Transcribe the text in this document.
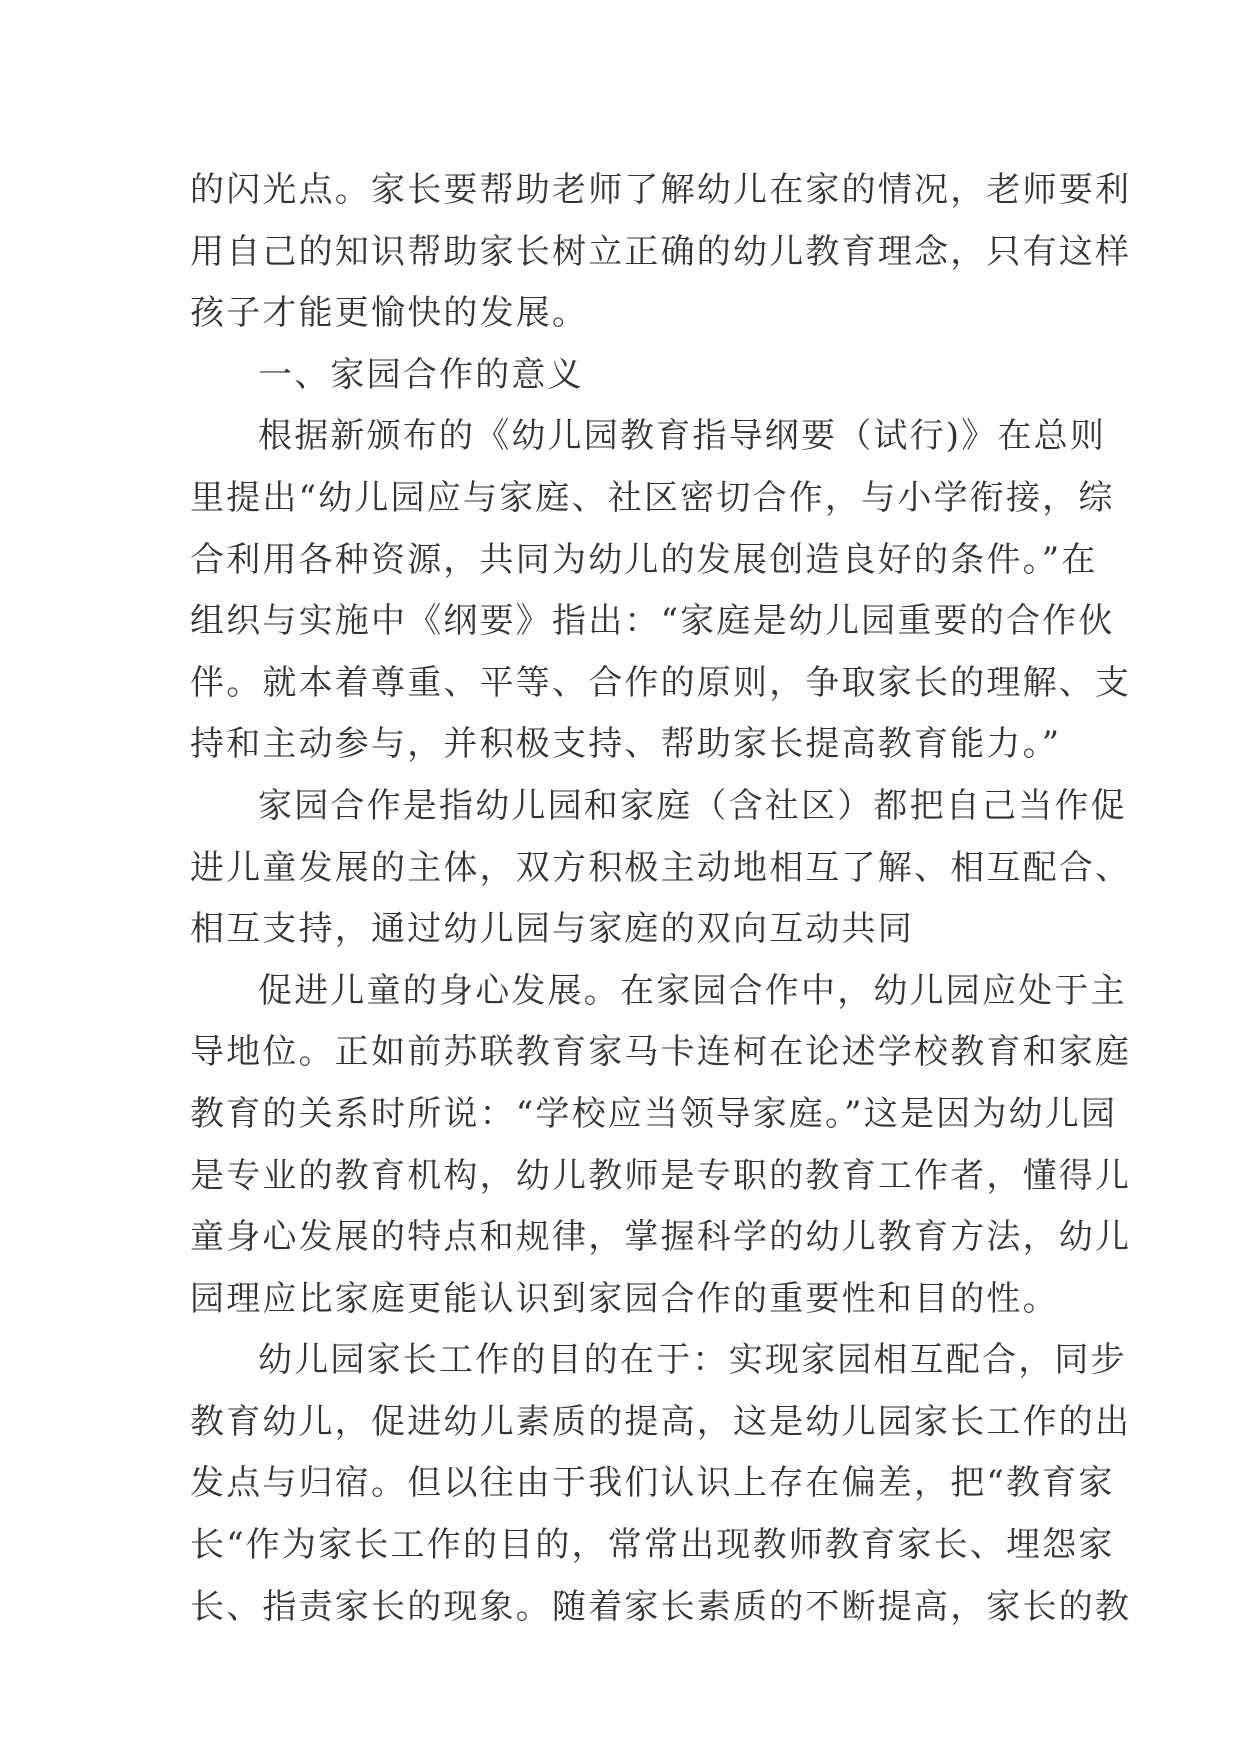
的闪光点。家长要帮助老师了解幼儿在家的情况，老师要利
用自己的知识帮助家长树立正确的幼儿教育理念，只有这样
孩子才能更愉快的发展。
一、家园合作的意义
根据新颁布的《幼儿园教育指导纲要（试行)》在总则
里提出“幼儿园应与家庭、社区密切合作，与小学衔接，综
合利用各种资源，共同为幼儿的发展创造良好的条件。”在
组织与实施中《纲要》指出：“家庭是幼儿园重要的合作伙
伴。就本着尊重、平等、合作的原则，争取家长的理解、支
持和主动参与，并积极支持、帮助家长提高教育能力。”
家园合作是指幼儿园和家庭（含社区）都把自己当作促
进儿童发展的主体，双方积极主动地相互了解、相互配合、
相互支持，通过幼儿园与家庭的双向互动共同
促进儿童的身心发展。在家园合作中，幼儿园应处于主
导地位。正如前苏联教育家马卡连柯在论述学校教育和家庭
教育的关系时所说：“学校应当领导家庭。”这是因为幼儿园
是专业的教育机构，幼儿教师是专职的教育工作者，懂得儿
童身心发展的特点和规律，掌握科学的幼儿教育方法，幼儿
园理应比家庭更能认识到家园合作的重要性和目的性。
幼儿园家长工作的目的在于：实现家园相互配合，同步
教育幼儿，促进幼儿素质的提高，这是幼儿园家长工作的出
发点与归宿。但以往由于我们认识上存在偏差，把“教育家
长“作为家长工作的目的，常常出现教师教育家长、埋怨家
长、指责家长的现象。随着家长素质的不断提高，家长的教
